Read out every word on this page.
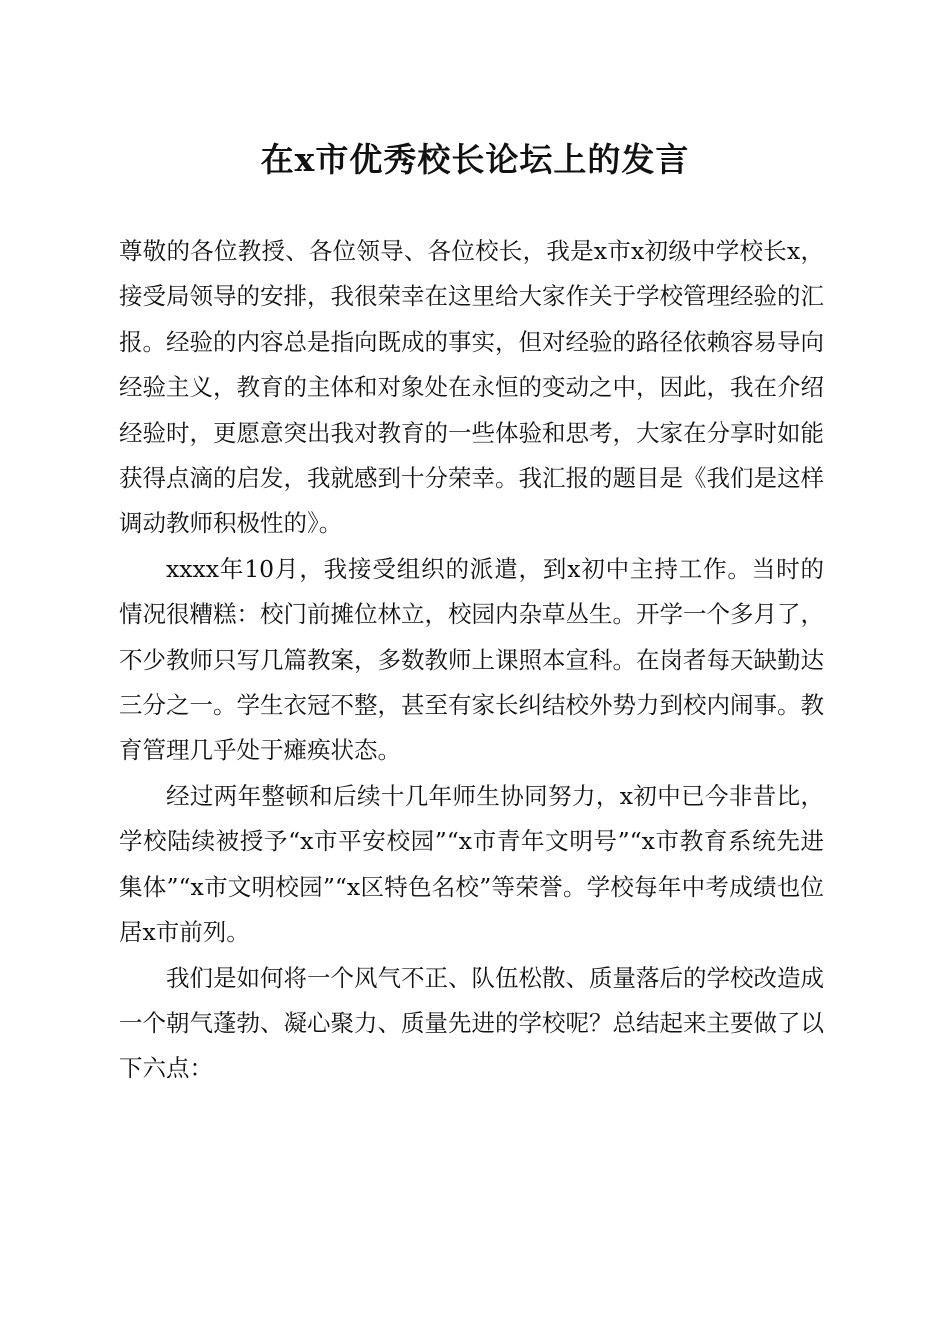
在x市优秀校长论坛上的发言

尊敬的各位教授、各位领导、各位校长，我是x市x初级中学校长x，接受局领导的安排，我很荣幸在这里给大家作关于学校管理经验的汇报。经验的内容总是指向既成的事实，但对经验的路径依赖容易导向经验主义，教育的主体和对象处在永恒的变动之中，因此，我在介绍经验时，更愿意突出我对教育的一些体验和思考，大家在分享时如能获得点滴的启发，我就感到十分荣幸。我汇报的题目是《我们是这样调动教师积极性的》。

xxxx年10月，我接受组织的派遣，到x初中主持工作。当时的情况很糟糕：校门前摊位林立，校园内杂草丛生。开学一个多月了，不少教师只写几篇教案，多数教师上课照本宣科。在岗者每天缺勤达三分之一。学生衣冠不整，甚至有家长纠结校外势力到校内闹事。教育管理几乎处于瘫痪状态。

经过两年整顿和后续十几年师生协同努力，x初中已今非昔比，学校陆续被授予“x市平安校园”“x市青年文明号”“x市教育系统先进集体”“x市文明校园”“x区特色名校”等荣誉。学校每年中考成绩也位居x市前列。

我们是如何将一个风气不正、队伍松散、质量落后的学校改造成一个朝气蓬勃、凝心聚力、质量先进的学校呢？总结起来主要做了以下六点：
